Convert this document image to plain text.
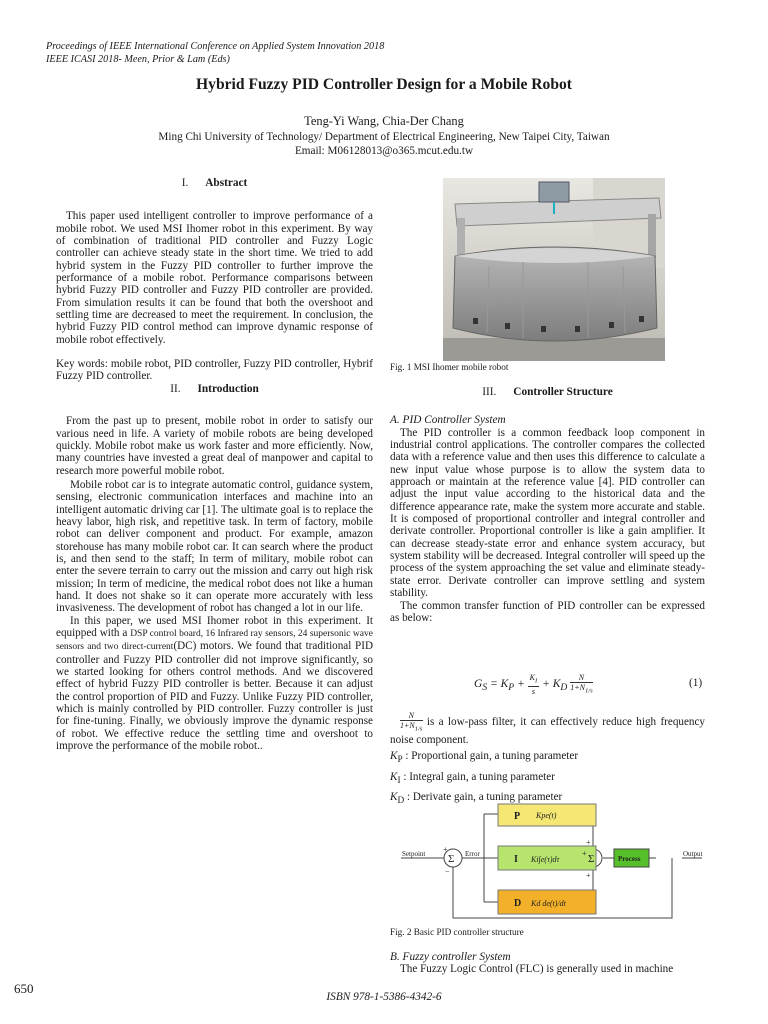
Proceedings of IEEE International Conference on Applied System Innovation 2018
IEEE ICASI 2018- Meen, Prior & Lam (Eds)
Hybrid Fuzzy PID Controller Design for a Mobile Robot
Teng-Yi Wang, Chia-Der Chang
Ming Chi University of Technology/ Department of Electrical Engineering, New Taipei City, Taiwan
Email: M06128013@o365.mcut.edu.tw

I. Abstract

This paper used intelligent controller to improve performance of a mobile robot. We used MSI Ihomer robot in this experiment. By way of combination of traditional PID controller and Fuzzy Logic controller can achieve steady state in the short time. We tried to add hybrid system in the Fuzzy PID controller to further improve the performance of a mobile robot. Performance comparisons between hybrid Fuzzy PID controller and Fuzzy PID controller are provided. From simulation results it can be found that both the overshoot and settling time are decreased to meet the requirement. In conclusion, the hybrid Fuzzy PID control method can improve dynamic response of mobile robot effectively.

Key words: mobile robot, PID controller, Fuzzy PID controller, Hybrif Fuzzy PID controller.

II. Introduction

From the past up to present, mobile robot in order to satisfy our various need in life. A variety of mobile robots are being developed quickly. Mobile robot make us work faster and more efficiently. Now, many countries have invested a great deal of manpower and capital to research more powerful mobile robot.

Mobile robot car is to integrate automatic control, guidance system, sensing, electronic communication interfaces and machine into an intelligent automatic driving car [1]. The ultimate goal is to replace the heavy labor, high risk, and repetitive task. In term of factory, mobile robot can deliver component and product. For example, amazon storehouse has many mobile robot car. It can search where the product is, and then send to the staff; In term of military, mobile robot can enter the severe terrain to carry out the mission and carry out high risk mission; In term of medicine, the medical robot does not like a human hand. It does not shake so it can operate more accurately with less invasiveness. The development of robot has changed a lot in our life.

In this paper, we used MSI Ihomer robot in this experiment. It equipped with a DSP control board, 16 Infrared ray sensors, 24 supersonic wave sensors and two direct-current(DC) motors. We found that traditional PID controller and Fuzzy PID controller did not improve significantly, so we started looking for others control methods. And we discovered effect of hybrid Fuzzy PID controller is better. Because it can adjust the control proportion of PID and Fuzzy. Unlike Fuzzy PID controller, which is mainly controlled by PID controller. Fuzzy controller is just for fine-tuning. Finally, we obviously improve the dynamic response of robot. We effective reduce the settling time and overshoot to improve the performance of the mobile robot..

Fig. 1 MSI Ihomer mobile robot

III. Controller Structure

A. PID Controller System

The PID controller is a common feedback loop component in industrial control applications. The controller compares the collected data with a reference value and then uses this difference to calculate a new input value whose purpose is to allow the system data to approach or maintain at the reference value [4]. PID controller can adjust the input value according to the historical data and the difference appearance rate, make the system more accurate and stable. It is composed of proportional controller and integral controller and derivate controller. Proportional controller is like a gain amplifier. It can decrease steady-state error and enhance system accuracy, but system stability will be decreased. Integral controller will speed up the process of the system approaching the set value and eliminate steady-state error. Derivate controller can improve settling and system stability.

The common transfer function of PID controller can be expressed as below:

$G_S = K_P + \frac{K_I}{s} + K_D \frac{N}{1+N_{1/s}}$	(1)

$\frac{N}{1+N_{1/s}}$ is a low-pass filter, it can effectively reduce high frequency noise component.

$K_P$ : Proportional gain, a tuning parameter

$K_I$ : Integral gain, a tuning parameter

$K_D$ : Derivate gain, a tuning parameter

P Kpe(t)
I Ki∫e(τ)dτ
D Kd de(t)/dt
Σ	Σ
Setpoint	Error
Process
Output
+
−
+
+
+
Fig. 2 Basic PID controller structure

B. Fuzzy controller System

The Fuzzy Logic Control (FLC) is generally used in machine

650
ISBN 978-1-5386-4342-6
